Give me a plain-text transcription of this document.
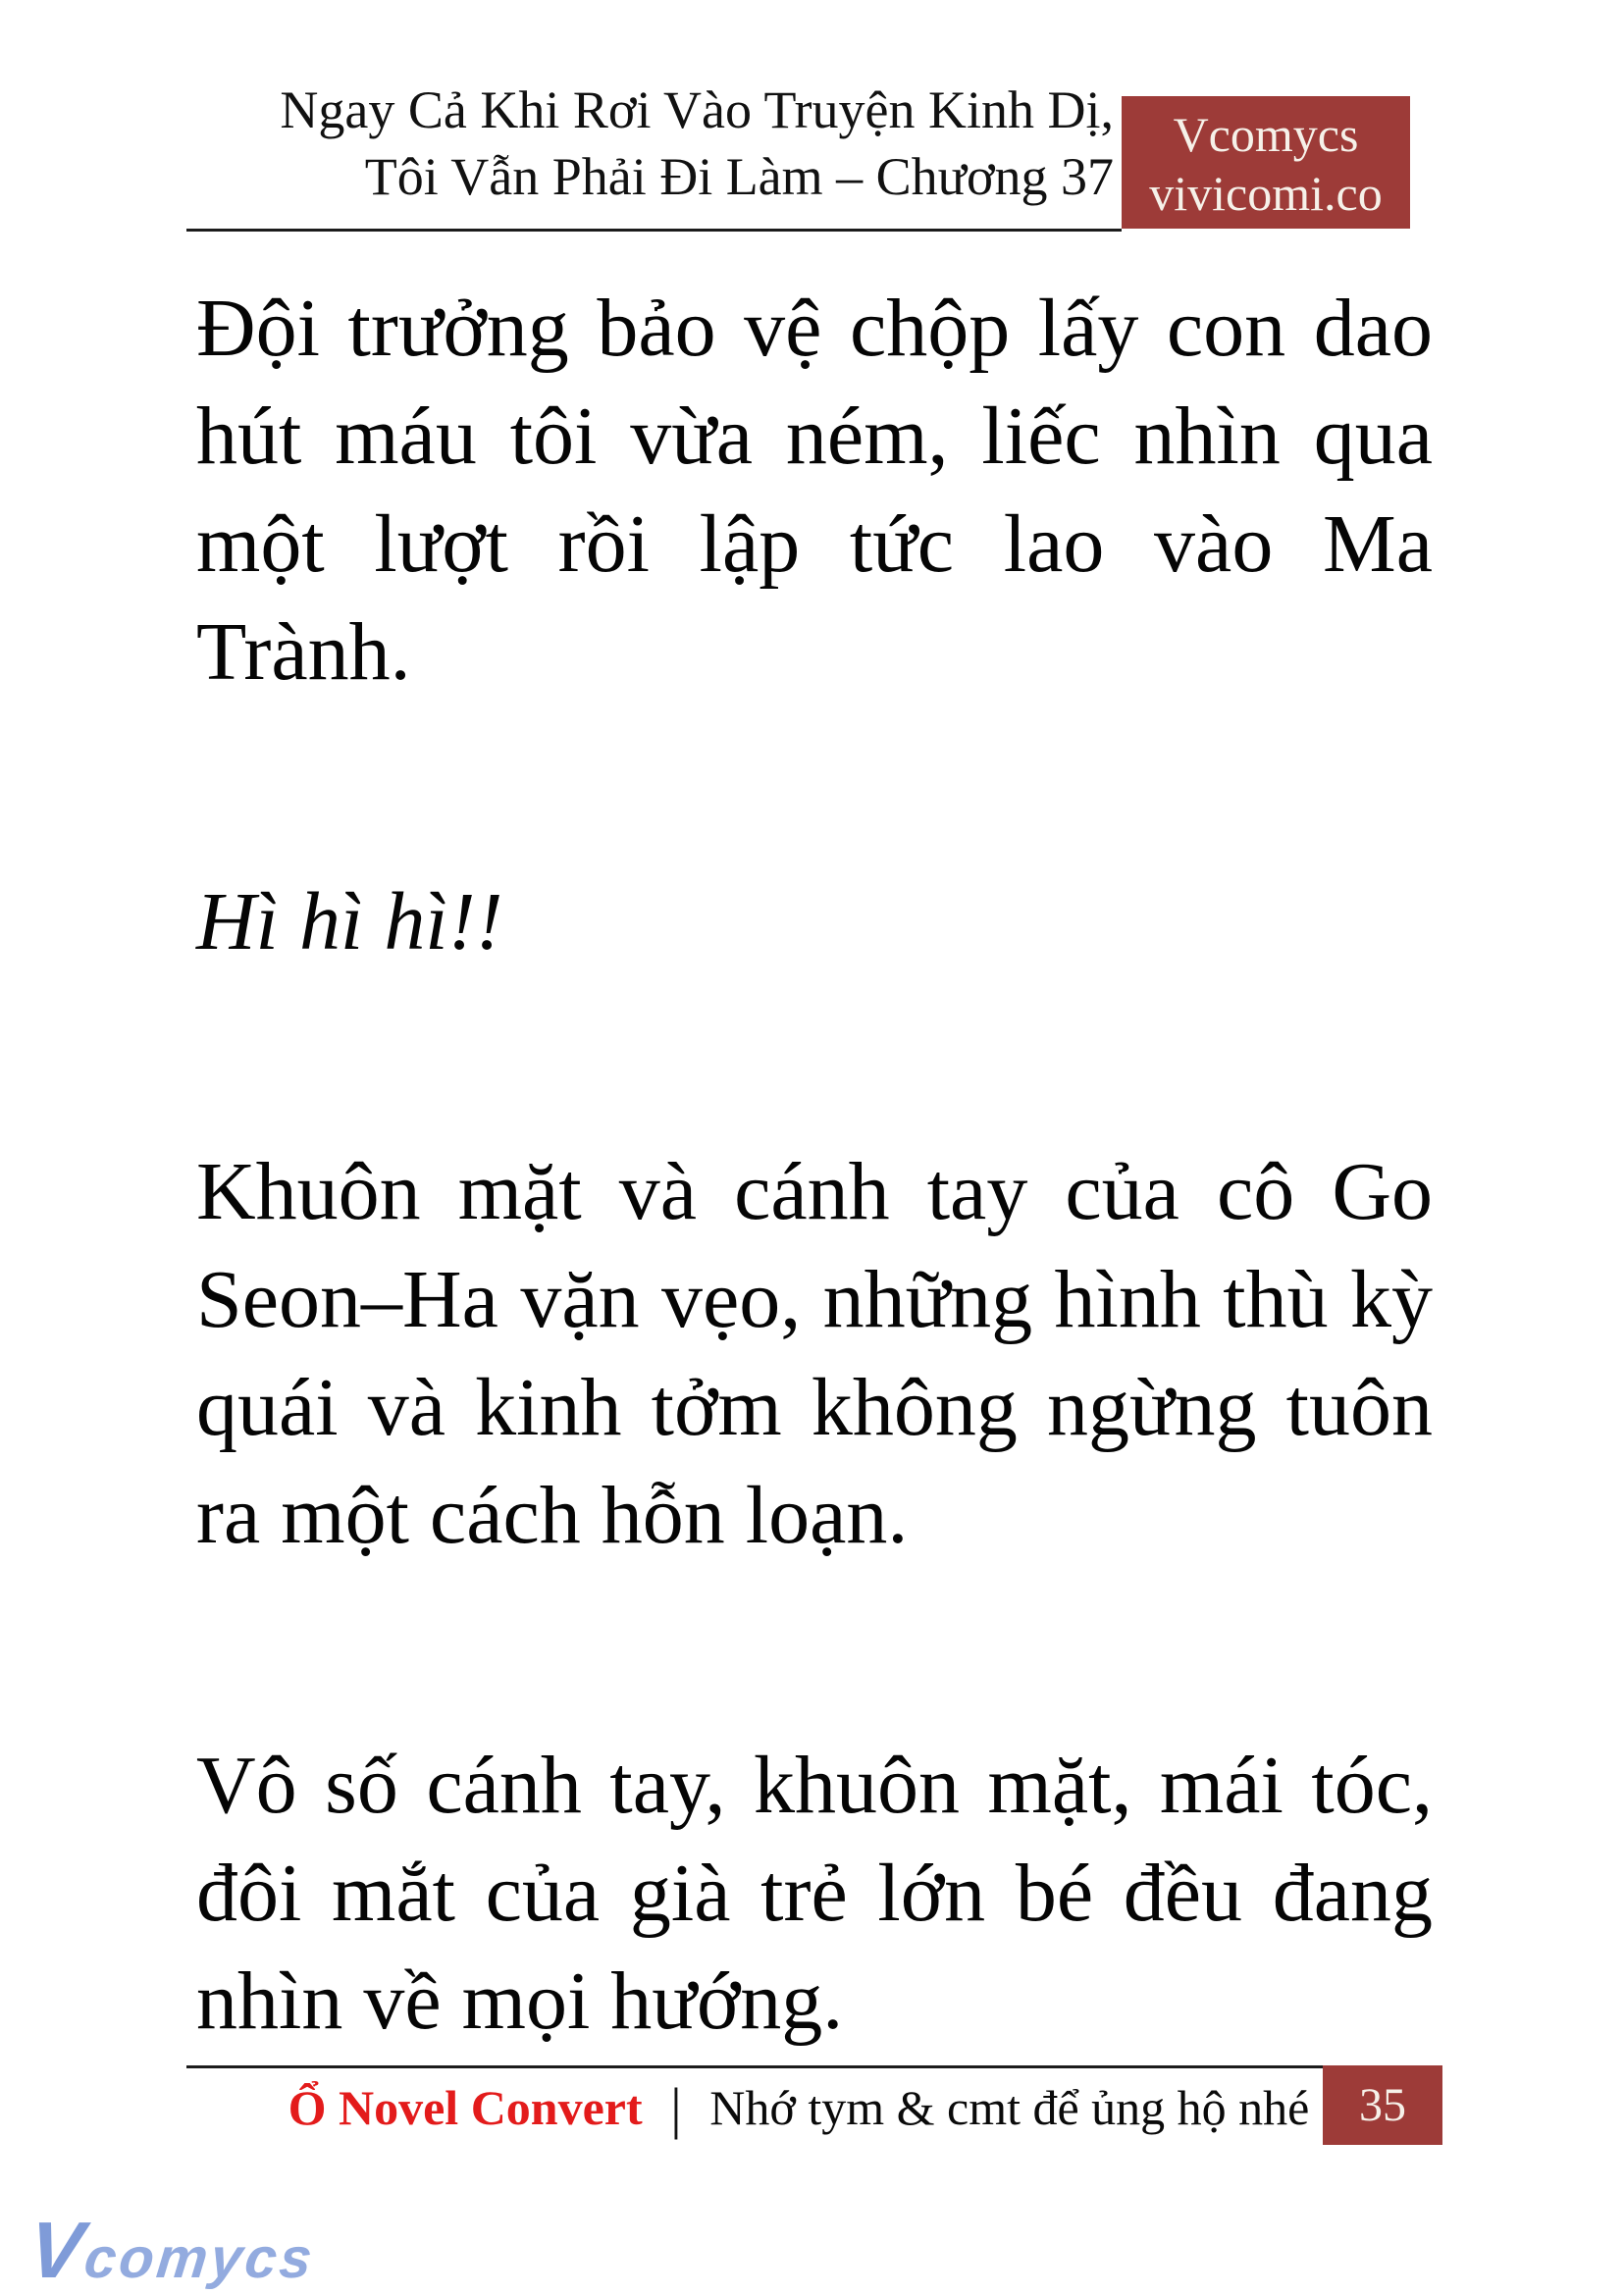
Ngay Cả Khi Rơi Vào Truyện Kinh Dị,
Tôi Vẫn Phải Đi Làm – Chương 37
Vcomycs
vivicomi.co
Đội trưởng bảo vệ chộp lấy con dao
hút máu tôi vừa ném, liếc nhìn qua
một lượt rồi lập tức lao vào Ma
Trành.
Hì hì hì!!
Khuôn mặt và cánh tay của cô Go
Seon–Ha vặn vẹo, những hình thù kỳ
quái và kinh tởm không ngừng tuôn
ra một cách hỗn loạn.
Vô số cánh tay, khuôn mặt, mái tóc,
đôi mắt của già trẻ lớn bé đều đang
nhìn về mọi hướng.
Ổ Novel Convert | Nhớ tym & cmt để ủng hộ nhé	35
Vcomycs
